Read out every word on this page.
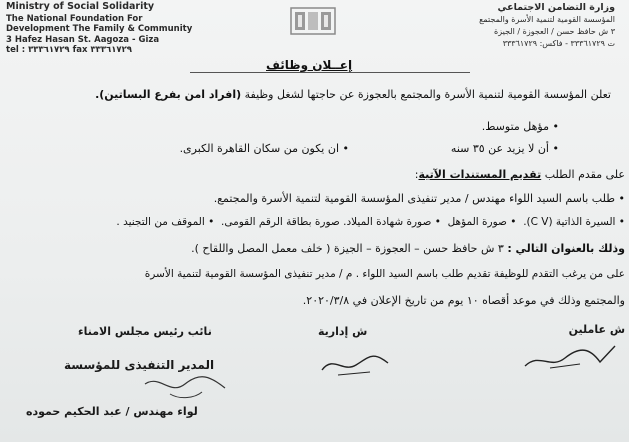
Ministry of Social Solidarity
The National Foundation For
Development The Family & Community
3 Hafez Hasan St. Aagoza - Giza
tel : ٣٣٣٦١٧٢٩ fax ٣٣٣٦١٧٢٩
وزارة التضامن الاجتماعي
المؤسسة القومية لتنمية الأسرة والمجتمع
٣ ش حافظ حسن / العجوزة / الجيزة
ت ٣٣٣٦١٧٢٩ - فاكس: ٣٣٣٦١٧٢٩
إعــلان وظائف
تعلن المؤسسة القومية لتنمية الأسرة والمجتمع بالعجوزة عن حاجتها لشغل وظيفة (افراد امن بفرع البساتين).
• مؤهل متوسط.
• أن لا يزيد عن ٣٥ سنه
• ان يكون من سكان القاهرة الكبرى.
على مقدم الطلب تقديم المستندات الآتية:
• طلب باسم السيد اللواء مهندس / مدير تنفيذى المؤسسة القومية لتنمية الأسرة والمجتمع.
• السيرة الذاتية (C V).  • صورة المؤهل  • صورة شهادة الميلاد. صورة بطاقة الرقم القومى.  • الموقف من التجنيد .
وذلك بالعنوان التالي : ٣ ش حافظ حسن – العجوزة – الجيزة ( خلف معمل المصل واللقاح ).
على من يرغب التقدم للوظيفة تقديم طلب باسم السيد اللواء . م / مدير تنفيذى المؤسسة القومية لتنمية الأسرة
والمجتمع وذلك في موعد أقصاه ١٠ يوم من تاريخ الإعلان في ٢٠٢٠/٣/٨.
ش عاملين
ش إدارية
نائب رئيس مجلس الامناء
المدير التنفيذى للمؤسسة
لواء مهندس / عبد الحكيم حموده
